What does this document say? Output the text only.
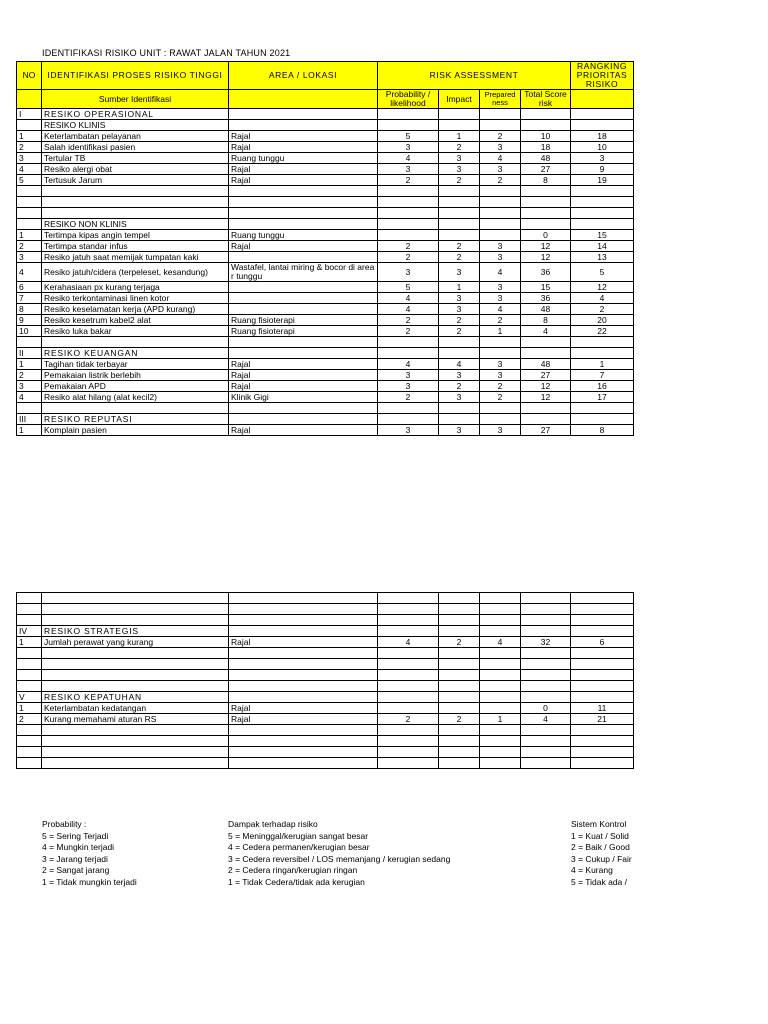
IDENTIFIKASI RISIKO UNIT : RAWAT JALAN TAHUN 2021
NO	IDENTIFIKASI PROSES RISIKO TINGGI	AREA / LOKASI	RISK ASSESSMENT				RANGKING PRIORITAS RISIKO
	Sumber Identifikasi		Probability / likelihood	Impact	Prepared ness	Total Score risk	
I	RESIKO OPERASIONAL						
	RESIKO KLINIS						
1	Keterlambatan pelayanan	Rajal	5	1	2	10	18
2	Salah identifikasi pasien	Rajal	3	2	3	18	10
3	Tertular TB	Ruang tunggu	4	3	4	48	3
4	Resiko alergi obat	Rajal	3	3	3	27	9
5	Tertusuk Jarum	Rajal	2	2	2	8	19

	RESIKO NON KLINIS						
1	Tertimpa kipas angin tempel	Ruang tunggu				0	15
2	Tertimpa standar infus	Rajal	2	2	3	12	14
3	Resiko jatuh saat memijak tumpatan kaki		2	2	3	12	13
4	Resiko jatuh/cidera (terpeleset, kesandung)	Wastafel, lantai miring & bocor di area r tunggu	3	3	4	36	5
6	Kerahasiaan px kurang terjaga		5	1	3	15	12
7	Resiko terkontaminasi linen kotor		4	3	3	36	4
8	Resiko keselamatan kerja (APD kurang)		4	3	4	48	2
9	Resiko kesetrum kabel2 alat	Ruang fisioterapi	2	2	2	8	20
10	Resiko luka bakar	Ruang fisioterapi	2	2	1	4	22

II	RESIKO KEUANGAN						
1	Tagihan tidak terbayar	Rajal	4	4	3	48	1
2	Pemakaian listrik berlebih	Rajal	3	3	3	27	7
3	Pemakaian APD	Rajal	3	2	2	12	16
4	Resiko alat hilang (alat kecil2)	Klinik Gigi	2	3	2	12	17

III	RESIKO REPUTASI						
1	Komplain pasien	Rajal	3	3	3	27	8

IV	RESIKO STRATEGIS						
1	Jumlah perawat yang kurang	Rajal	4	2	4	32	6

V	RESIKO KEPATUHAN						
1	Keterlambatan kedatangan	Rajal				0	11
2	Kurang memahami aturan RS	Rajal	2	2	1	4	21

Probability :
5 = Sering Terjadi
4 = Mungkin terjadi
3 = Jarang terjadi
2 = Sangat jarang
1 = Tidak mungkin terjadi
Dampak terhadap risiko
5 = Meninggal/kerugian sangat besar
4 = Cedera permanen/kerugian besar
3 = Cedera reversibel / LOS memanjang / kerugian sedang
2 = Cedera ringan/kerugian ringan
1 = Tidak Cedera/tidak ada kerugian
Sistem Kontrol
1 = Kuat / Solid
2 = Baik / Good
3 = Cukup / Fair
4 = Kurang
5 = Tidak ada /
